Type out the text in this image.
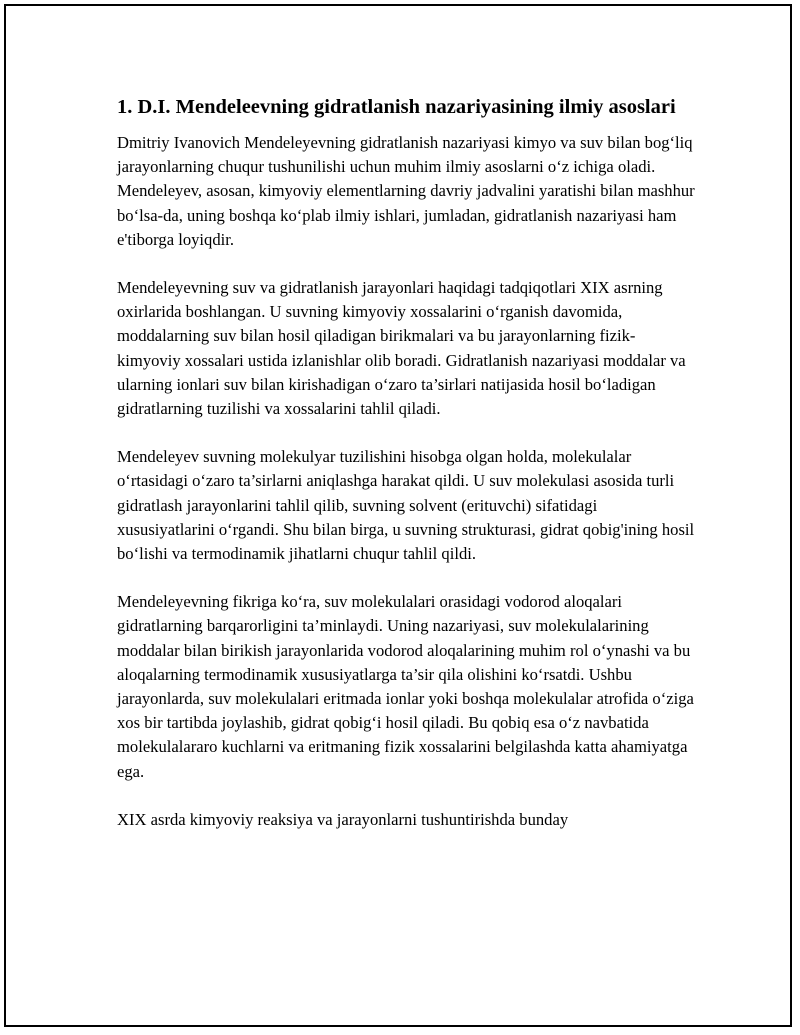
1. D.I. Mendeleevning gidratlanish nazariyasining ilmiy asoslari

Dmitriy Ivanovich Mendeleyevning gidratlanish nazariyasi kimyo va suv bilan bog‘liq jarayonlarning chuqur tushunilishi uchun muhim ilmiy asoslarni o‘z ichiga oladi. Mendeleyev, asosan, kimyoviy elementlarning davriy jadvalini yaratishi bilan mashhur bo‘lsa-da, uning boshqa ko‘plab ilmiy ishlari, jumladan, gidratlanish nazariyasi ham e'tiborga loyiqdir.

Mendeleyevning suv va gidratlanish jarayonlari haqidagi tadqiqotlari XIX asrning oxirlarida boshlangan. U suvning kimyoviy xossalarini o‘rganish davomida, moddalarning suv bilan hosil qiladigan birikmalari va bu jarayonlarning fizik-kimyoviy xossalari ustida izlanishlar olib boradi. Gidratlanish nazariyasi moddalar va ularning ionlari suv bilan kirishadigan o‘zaro ta’sirlari natijasida hosil bo‘ladigan gidratlarning tuzilishi va xossalarini tahlil qiladi.

Mendeleyev suvning molekulyar tuzilishini hisobga olgan holda, molekulalar o‘rtasidagi o‘zaro ta’sirlarni aniqlashga harakat qildi. U suv molekulasi asosida turli gidratlash jarayonlarini tahlil qilib, suvning solvent (erituvchi) sifatidagi xususiyatlarini o‘rgandi. Shu bilan birga, u suvning strukturasi, gidrat qobig'ining hosil bo‘lishi va termodinamik jihatlarni chuqur tahlil qildi.

Mendeleyevning fikriga ko‘ra, suv molekulalari orasidagi vodorod aloqalari gidratlarning barqarorligini ta’minlaydi. Uning nazariyasi, suv molekulalarining moddalar bilan birikish jarayonlarida vodorod aloqalarining muhim rol o‘ynashi va bu aloqalarning termodinamik xususiyatlarga ta’sir qila olishini ko‘rsatdi. Ushbu jarayonlarda, suv molekulalari eritmada ionlar yoki boshqa molekulalar atrofida o‘ziga xos bir tartibda joylashib, gidrat qobig‘i hosil qiladi. Bu qobiq esa o‘z navbatida molekulalararo kuchlarni va eritmaning fizik xossalarini belgilashda katta ahamiyatga ega.

XIX asrda kimyoviy reaksiya va jarayonlarni tushuntirishda bunday
